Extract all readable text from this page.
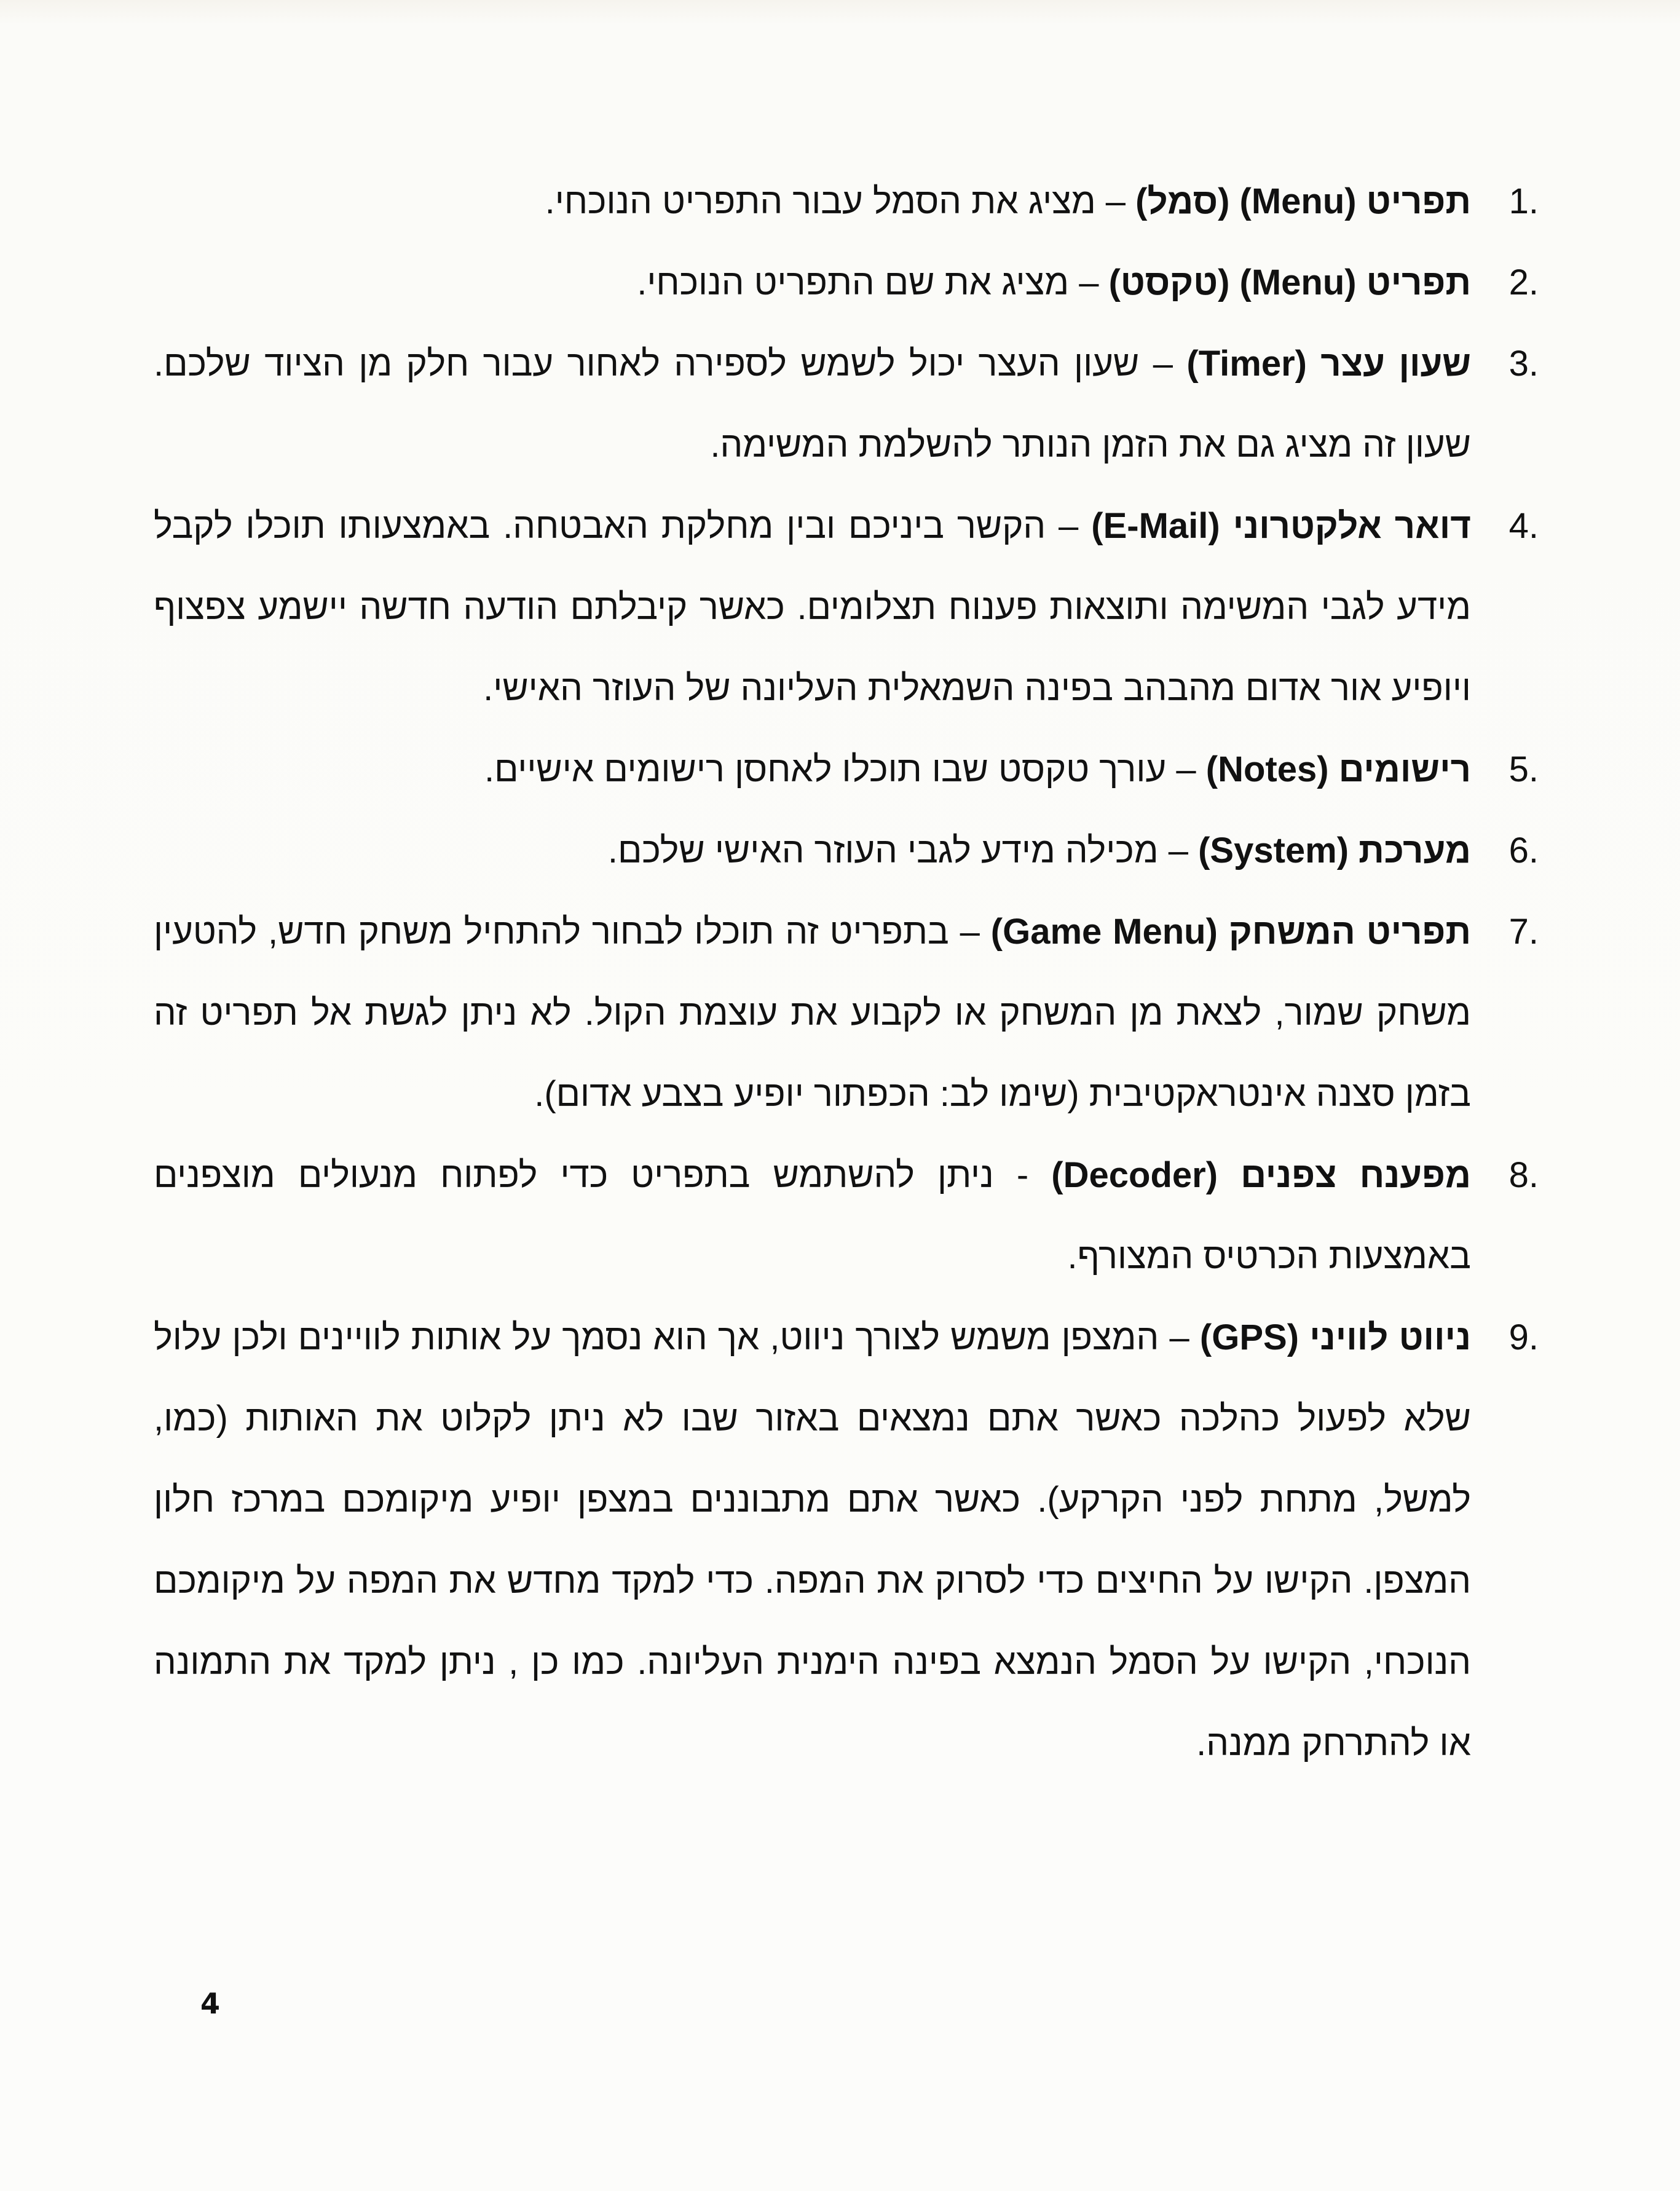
1.
תפריט (Menu) (סמל) – מציג את הסמל עבור התפריט הנוכחי.
2.
תפריט (Menu) (טקסט) – מציג את שם התפריט הנוכחי.
3.
שעון עצר (Timer) – שעון העצר יכול לשמש לספירה לאחור עבור חלק מן הציוד שלכם. שעון זה מציג גם את הזמן הנותר להשלמת המשימה.
4.
דואר אלקטרוני (E-Mail) – הקשר ביניכם ובין מחלקת האבטחה. באמצעותו תוכלו לקבל מידע לגבי המשימה ותוצאות פענוח תצלומים. כאשר קיבלתם הודעה חדשה יישמע צפצוף ויופיע אור אדום מהבהב בפינה השמאלית העליונה של העוזר האישי.
5.
רישומים (Notes) – עורך טקסט שבו תוכלו לאחסן רישומים אישיים.
6.
מערכת (System) – מכילה מידע לגבי העוזר האישי שלכם.
7.
תפריט המשחק (Game Menu) – בתפריט זה תוכלו לבחור להתחיל משחק חדש, להטעין משחק שמור, לצאת מן המשחק או לקבוע את עוצמת הקול. לא ניתן לגשת אל תפריט זה בזמן סצנה אינטראקטיבית (שימו לב: הכפתור יופיע בצבע אדום).
8.
מפענח צפנים (Decoder) - ניתן להשתמש בתפריט כדי לפתוח מנעולים מוצפנים באמצעות הכרטיס המצורף.
9.
ניווט לוויני (GPS) – המצפן משמש לצורך ניווט, אך הוא נסמך על אותות לוויינים ולכן עלול שלא לפעול כהלכה כאשר אתם נמצאים באזור שבו לא ניתן לקלוט את האותות (כמו, למשל, מתחת לפני הקרקע). כאשר אתם מתבוננים במצפן יופיע מיקומכם במרכז חלון המצפן. הקישו על החיצים כדי לסרוק את המפה. כדי למקד מחדש את המפה על מיקומכם הנוכחי, הקישו על הסמל הנמצא בפינה הימנית העליונה. כמו כן , ניתן למקד את התמונה או להתרחק ממנה.
4
